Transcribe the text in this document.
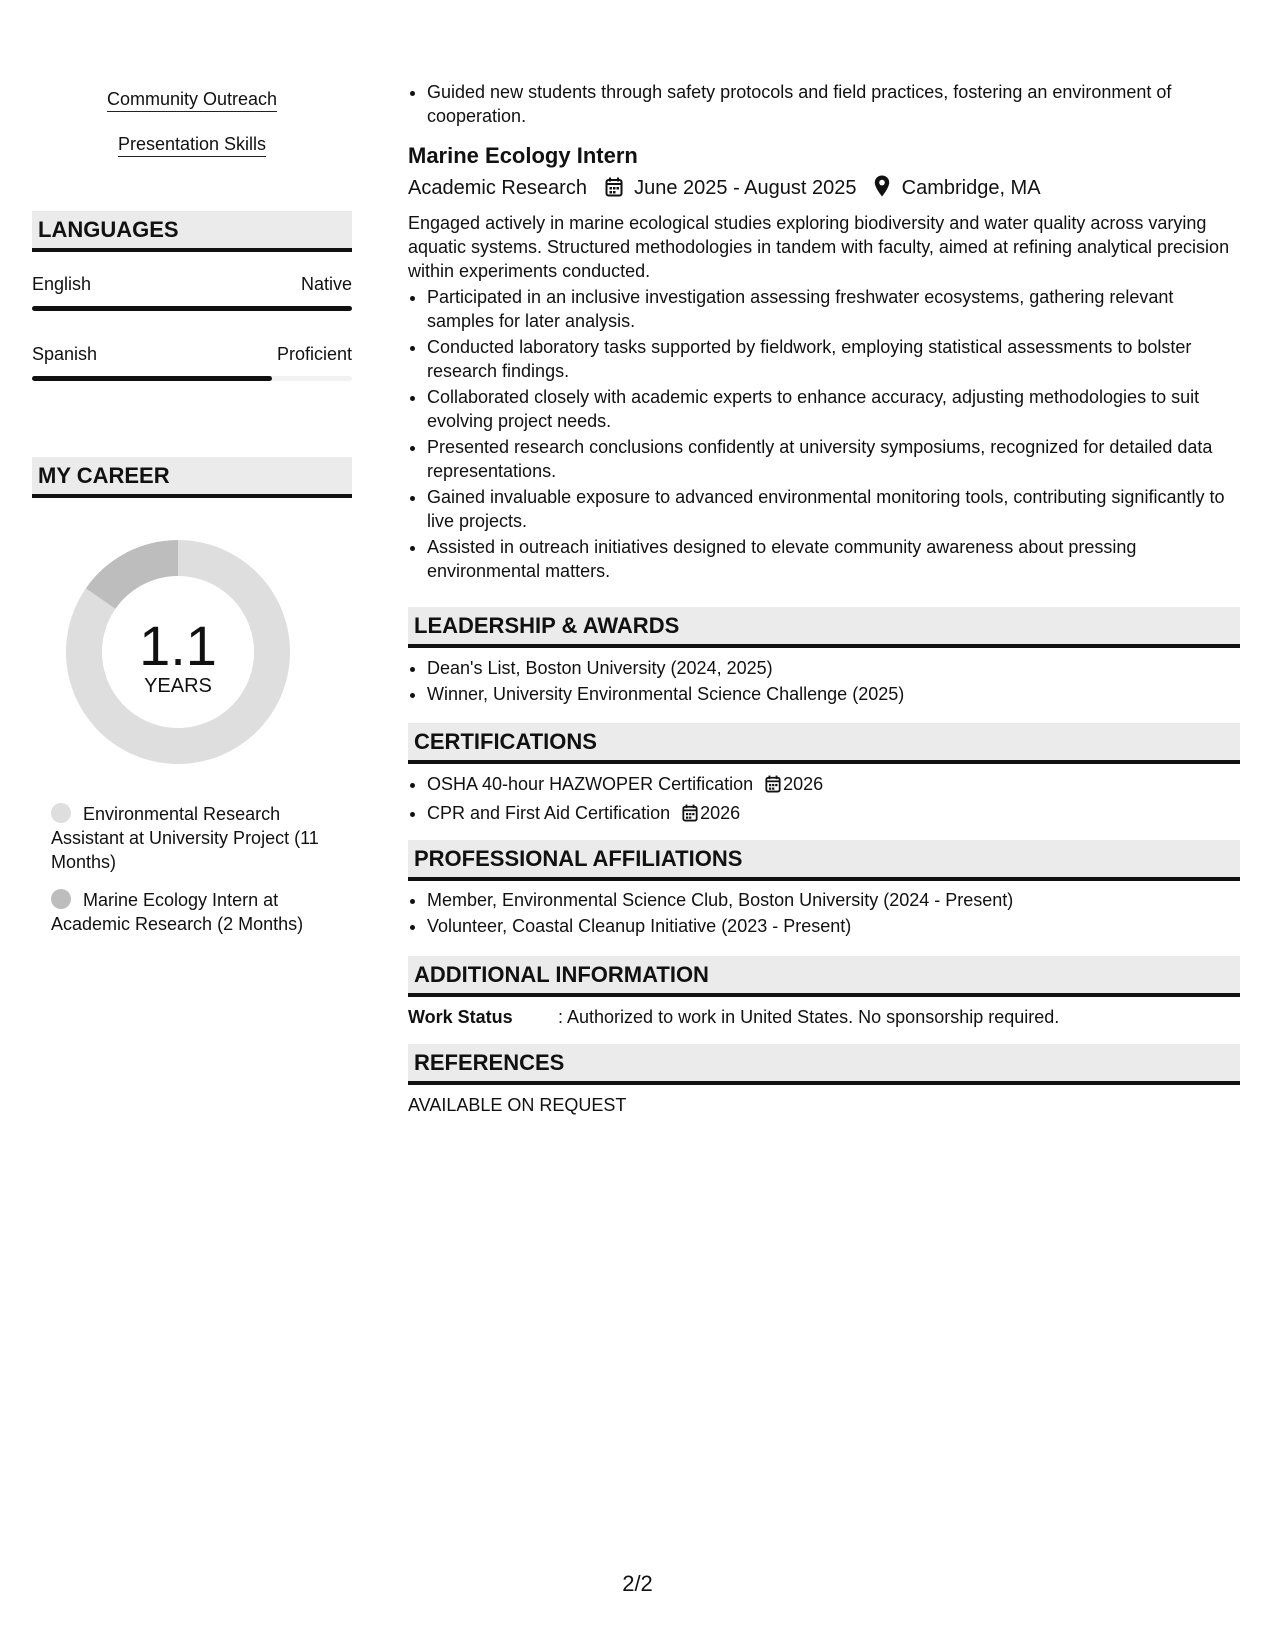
Community Outreach
Presentation Skills
LANGUAGES
English	Native
Spanish	Proficient
MY CAREER
1.1
YEARS
Environmental Research Assistant at University Project (11 Months)
Marine Ecology Intern at Academic Research (2 Months)
• Guided new students through safety protocols and field practices, fostering an environment of cooperation.
Marine Ecology Intern
Academic Research June 2025 - August 2025 Cambridge, MA
Engaged actively in marine ecological studies exploring biodiversity and water quality across varying aquatic systems. Structured methodologies in tandem with faculty, aimed at refining analytical precision within experiments conducted.
• Participated in an inclusive investigation assessing freshwater ecosystems, gathering relevant samples for later analysis.
• Conducted laboratory tasks supported by fieldwork, employing statistical assessments to bolster research findings.
• Collaborated closely with academic experts to enhance accuracy, adjusting methodologies to suit evolving project needs.
• Presented research conclusions confidently at university symposiums, recognized for detailed data representations.
• Gained invaluable exposure to advanced environmental monitoring tools, contributing significantly to live projects.
• Assisted in outreach initiatives designed to elevate community awareness about pressing environmental matters.
LEADERSHIP & AWARDS
• Dean's List, Boston University (2024, 2025)
• Winner, University Environmental Science Challenge (2025)
CERTIFICATIONS
• OSHA 40-hour HAZWOPER Certification 2026
• CPR and First Aid Certification 2026
PROFESSIONAL AFFILIATIONS
• Member, Environmental Science Club, Boston University (2024 - Present)
• Volunteer, Coastal Cleanup Initiative (2023 - Present)
ADDITIONAL INFORMATION
Work Status	: Authorized to work in United States. No sponsorship required.
REFERENCES
AVAILABLE ON REQUEST
2/2
